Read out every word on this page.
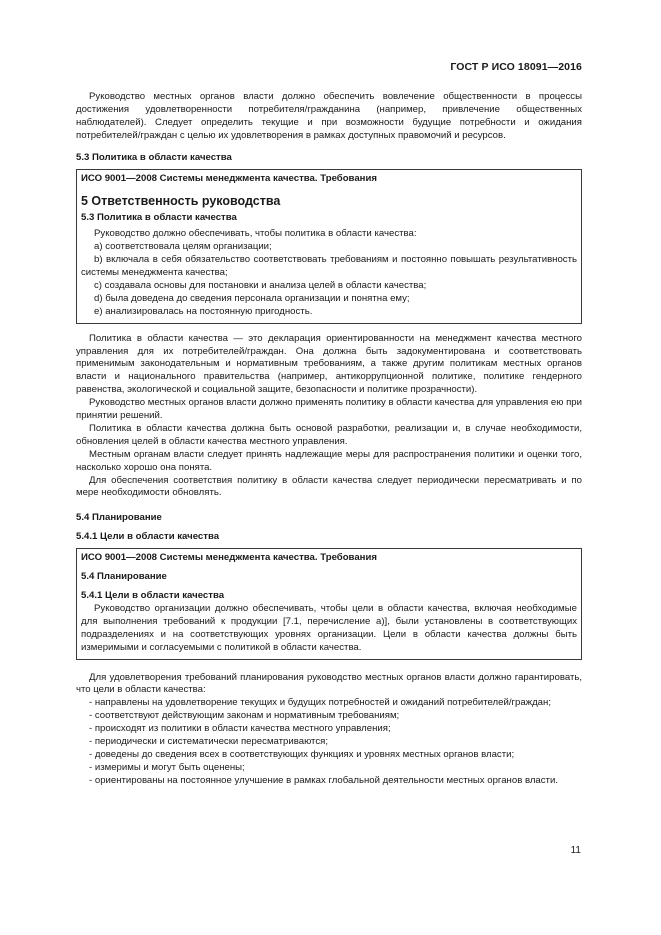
ГОСТ Р ИСО 18091—2016

Руководство местных органов власти должно обеспечить вовлечение общественности в процессы достижения удовлетворенности потребителя/гражданина (например, привлечение общественных наблюдателей). Следует определить текущие и при возможности будущие потребности и ожидания потребителей/граждан с целью их удовлетворения в рамках доступных правомочий и ресурсов.

5.3 Политика в области качества

ИСО 9001—2008 Системы менеджмента качества. Требования

5 Ответственность руководства

5.3 Политика в области качества

Руководство должно обеспечивать, чтобы политика в области качества:

а) соответствовала целям организации;

b) включала в себя обязательство соответствовать требованиям и постоянно повышать результативность системы менеджмента качества;

с) создавала основы для постановки и анализа целей в области качества;

d) была доведена до сведения персонала организации и понятна ему;

е) анализировалась на постоянную пригодность.

Политика в области качества — это декларация ориентированности на менеджмент качества местного управления для их потребителей/граждан. Она должна быть задокументирована и соответствовать применимым законодательным и нормативным требованиям, а также другим политикам местных органов власти и национального правительства (например, антикоррупционной политике, политике гендерного равенства, экологической и социальной защите, безопасности и политике прозрачности).

Руководство местных органов власти должно применять политику в области качества для управления ею при принятии решений.

Политика в области качества должна быть основой разработки, реализации и, в случае необходимости, обновления целей в области качества местного управления.

Местным органам власти следует принять надлежащие меры для распространения политики и оценки того, насколько хорошо она понята.

Для обеспечения соответствия политику в области качества следует периодически пересматривать и по мере необходимости обновлять.

5.4 Планирование

5.4.1 Цели в области качества

ИСО 9001—2008 Системы менеджмента качества. Требования

5.4 Планирование

5.4.1 Цели в области качества

Руководство организации должно обеспечивать, чтобы цели в области качества, включая необходимые для выполнения требований к продукции [7.1, перечисление а)], были установлены в соответствующих подразделениях и на соответствующих уровнях организации. Цели в области качества должны быть измеримыми и согласуемыми с политикой в области качества.

Для удовлетворения требований планирования руководство местных органов власти должно гарантировать, что цели в области качества:

- направлены на удовлетворение текущих и будущих потребностей и ожиданий потребителей/граждан;

- соответствуют действующим законам и нормативным требованиям;

- происходят из политики в области качества местного управления;

- периодически и систематически пересматриваются;

- доведены до сведения всех в соответствующих функциях и уровнях местных органов власти;

- измеримы и могут быть оценены;

- ориентированы на постоянное улучшение в рамках глобальной деятельности местных органов власти.

11
